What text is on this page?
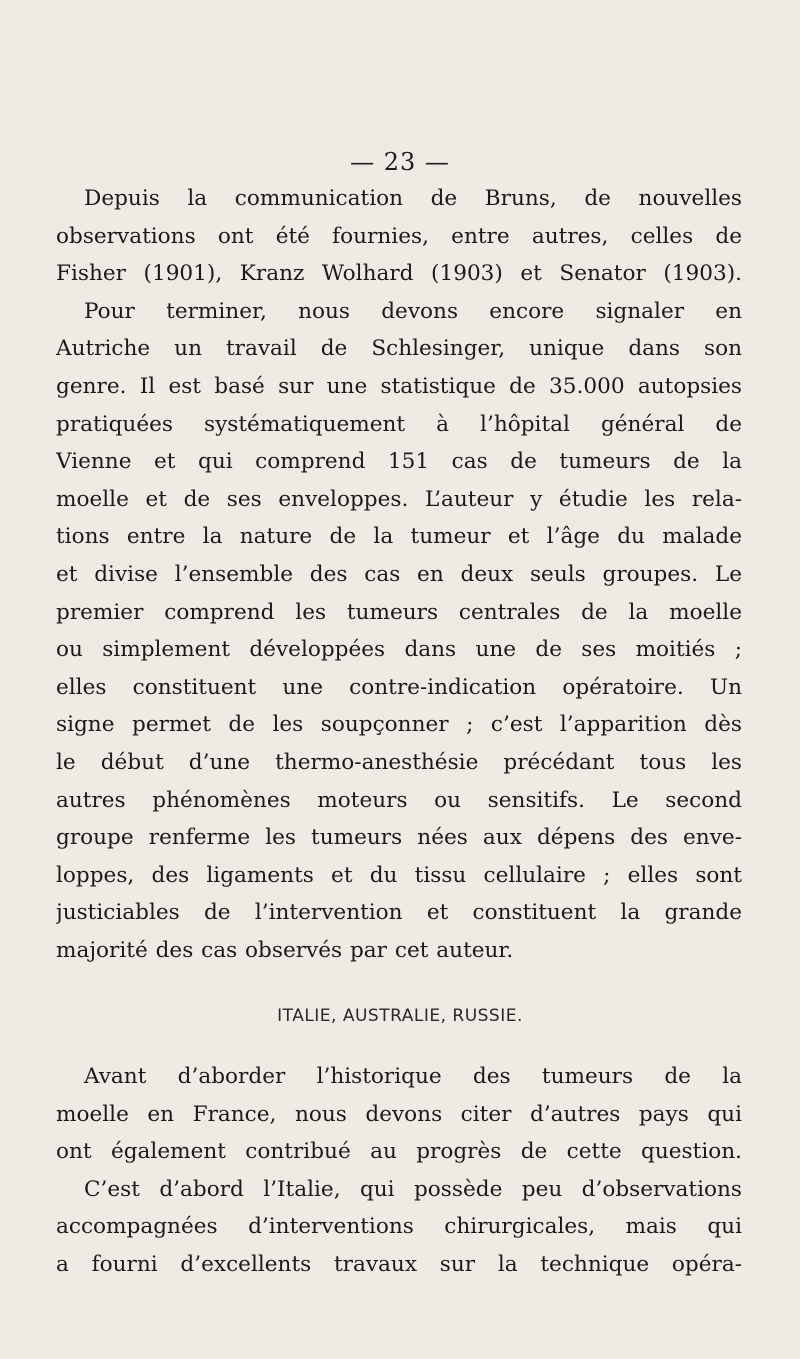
— 23 —
Depuis la communication de Bruns, de nouvelles
observations ont été fournies, entre autres, celles de
Fisher (1901), Kranz Wolhard (1903) et Senator (1903).
Pour terminer, nous devons encore signaler en
Autriche un travail de Schlesinger, unique dans son
genre. Il est basé sur une statistique de 35.000 autopsies
pratiquées systématiquement à l’hôpital général de
Vienne et qui comprend 151 cas de tumeurs de la
moelle et de ses enveloppes. L’auteur y étudie les rela-
tions entre la nature de la tumeur et l’âge du malade
et divise l’ensemble des cas en deux seuls groupes. Le
premier comprend les tumeurs centrales de la moelle
ou simplement développées dans une de ses moitiés ;
elles constituent une contre-indication opératoire. Un
signe permet de les soupçonner ; c’est l’apparition dès
le début d’une thermo-anesthésie précédant tous les
autres phénomènes moteurs ou sensitifs. Le second
groupe renferme les tumeurs nées aux dépens des enve-
loppes, des ligaments et du tissu cellulaire ; elles sont
justiciables de l’intervention et constituent la grande
majorité des cas observés par cet auteur.
ITALIE, AUSTRALIE, RUSSIE.
Avant d’aborder l’historique des tumeurs de la
moelle en France, nous devons citer d’autres pays qui
ont également contribué au progrès de cette question.
C’est d’abord l’Italie, qui possède peu d’observations
accompagnées d’interventions chirurgicales, mais qui
a fourni d’excellents travaux sur la technique opéra-
